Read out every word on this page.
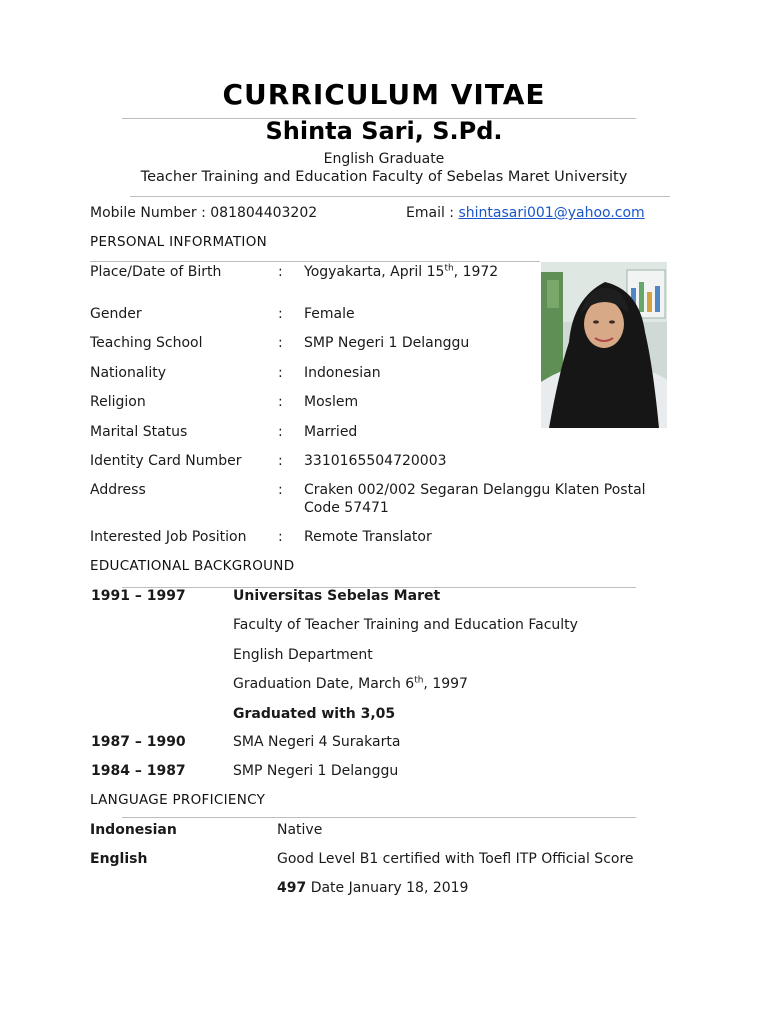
CURRICULUM VITAE
Shinta Sari, S.Pd.
English Graduate
Teacher Training and Education Faculty of Sebelas Maret University
Mobile Number : 081804403202	Email : shintasari001@yahoo.com
PERSONAL INFORMATION
Place/Date of Birth	: Yogyakarta, April 15th, 1972
Gender	: Female
Teaching School	: SMP Negeri 1 Delanggu
Nationality	: Indonesian
Religion	: Moslem
Marital Status	: Married
Identity Card Number	: 3310165504720003
Address	: Craken 002/002 Segaran Delanggu Klaten Postal
Code 57471
Interested Job Position : Remote Translator
EDUCATIONAL BACKGROUND
1991 – 1997	Universitas Sebelas Maret
Faculty of Teacher Training and Education Faculty
English Department
Graduation Date, March 6th, 1997
Graduated with 3,05
1987 – 1990	SMA Negeri 4 Surakarta
1984 – 1987	SMP Negeri 1 Delanggu
LANGUAGE PROFICIENCY
Indonesian	Native
English	Good Level B1 certified with Toefl ITP Official Score
497 Date January 18, 2019
